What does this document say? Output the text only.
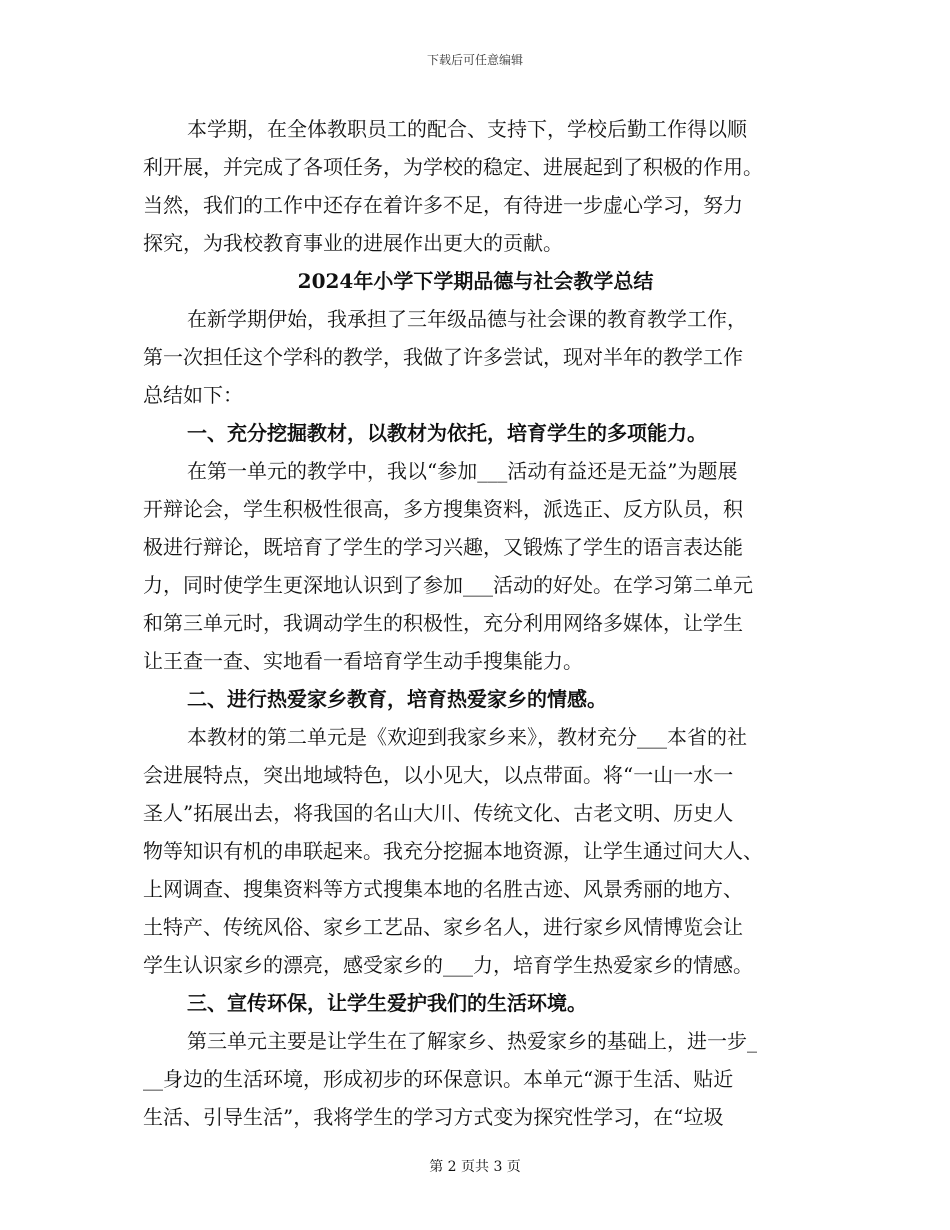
下载后可任意编辑
本学期，在全体教职员工的配合、支持下，学校后勤工作得以顺
利开展，并完成了各项任务，为学校的稳定、进展起到了积极的作用。
当然，我们的工作中还存在着许多不足，有待进一步虚心学习，努力
探究，为我校教育事业的进展作出更大的贡献。
2024年小学下学期品德与社会教学总结
在新学期伊始，我承担了三年级品德与社会课的教育教学工作，
第一次担任这个学科的教学，我做了许多尝试，现对半年的教学工作
总结如下：
一、充分挖掘教材，以教材为依托，培育学生的多项能力。
在第一单元的教学中，我以“参加___活动有益还是无益”为题展
开辩论会，学生积极性很高，多方搜集资料，派选正、反方队员，积
极进行辩论，既培育了学生的学习兴趣，又锻炼了学生的语言表达能
力，同时使学生更深地认识到了参加___活动的好处。在学习第二单元
和第三单元时，我调动学生的积极性，充分利用网络多媒体，让学生
让王查一查、实地看一看培育学生动手搜集能力。
二、进行热爱家乡教育，培育热爱家乡的情感。
本教材的第二单元是《欢迎到我家乡来》，教材充分___本省的社
会进展特点，突出地域特色，以小见大，以点带面。将“一山一水一
圣人”拓展出去，将我国的名山大川、传统文化、古老文明、历史人
物等知识有机的串联起来。我充分挖掘本地资源，让学生通过问大人、
上网调查、搜集资料等方式搜集本地的名胜古迹、风景秀丽的地方、
土特产、传统风俗、家乡工艺品、家乡名人，进行家乡风情博览会让
学生认识家乡的漂亮，感受家乡的___力，培育学生热爱家乡的情感。
三、宣传环保，让学生爱护我们的生活环境。
第三单元主要是让学生在了解家乡、热爱家乡的基础上，进一步_
__身边的生活环境，形成初步的环保意识。本单元“源于生活、贴近
生活、引导生活”，我将学生的学习方式变为探究性学习，在“垃圾
第 2 页共 3 页
